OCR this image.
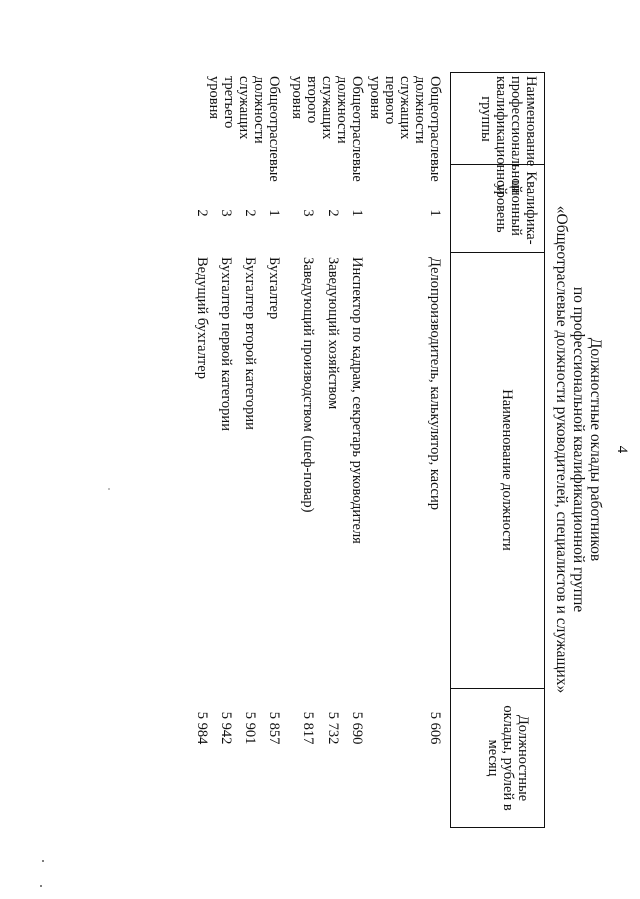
4
Должностные оклады работников
по профессиональной квалификационной группе
«Общеотраслевые должности руководителей, специалистов и служащих»
Наименование профессиональной квалификационной группы
Квалифика-ционный уровень
Наименование должности
Должностные оклады, рублей в месяц
Общеотраслевые должности служащих первого уровня
Общеотраслевые должности служащих второго уровня
Общеотраслевые должности служащих третьего уровня
1
1
2
3
1
2
3
2
Делопроизводитель, калькулятор, кассир
Инспектор по кадрам, секретарь руководителя
Заведующий хозяйством
Заведующий производством (шеф-повар)
Бухгалтер
Бухгалтер второй категории
Бухгалтер первой категории
Ведущий бухгалтер
5 606
5 690
5 732
5 817
5 857
5 901
5 942
5 984
